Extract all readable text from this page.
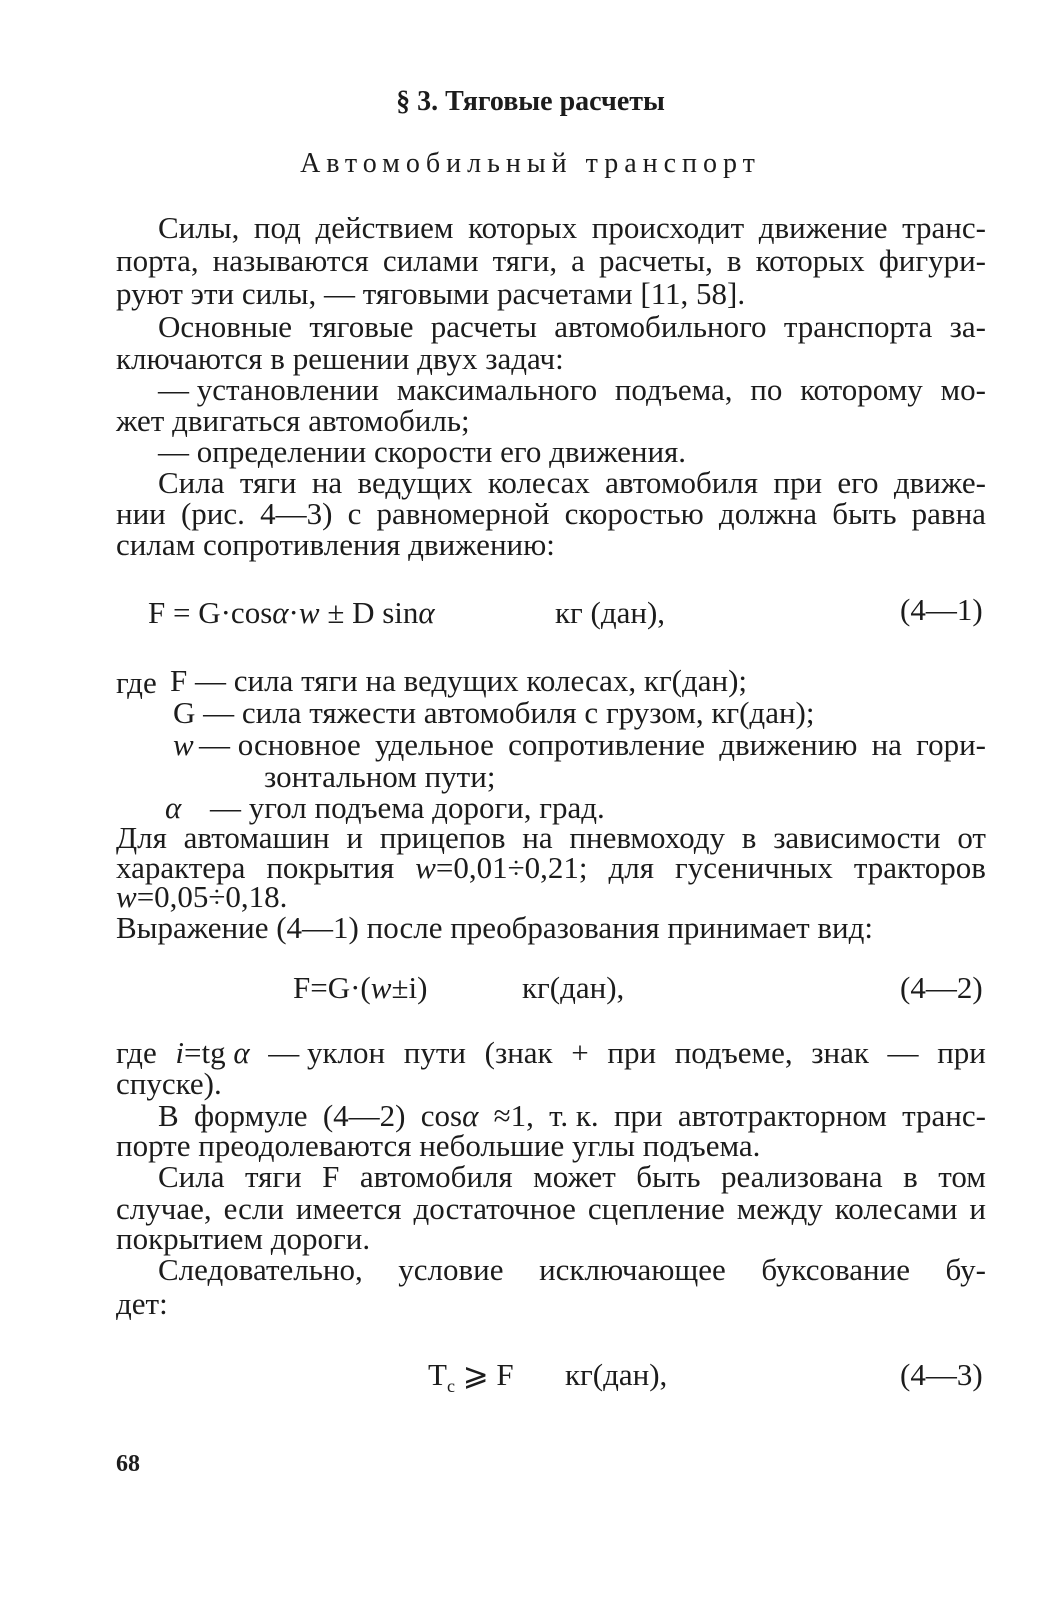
§ 3. Тяговые расчеты
Автомобильный транспорт
Силы, под действием которых происходит движение транс-
порта, называются силами тяги, а расчеты, в которых фигури-
руют эти силы, — тяговыми расчетами [11, 58].
Основные тяговые расчеты автомобильного транспорта за-
ключаются в решении двух задач:
— установлении максимального подъема, по которому мо-
жет двигаться автомобиль;
— определении скорости его движения.
Сила тяги на ведущих колесах автомобиля при его движе-
нии (рис. 4—3) с равномерной скоростью должна быть равна
силам сопротивления движению:
F = G·cosα·w ± D sinα	кг (дан),	(4—1)
где F — сила тяги на ведущих колесах, кг(дан);
G — сила тяжести автомобиля с грузом, кг(дан);
w — основное удельное сопротивление движению на гори-
зонтальном пути;
α — угол подъема дороги, град.
Для автомашин и прицепов на пневмоходу в зависимости от
характера покрытия w=0,01÷0,21; для гусеничных тракторов
w=0,05÷0,18.
Выражение (4—1) после преобразования принимает вид:
F=G·(w±i)	кг(дан),	(4—2)
где i=tg α — уклон пути (знак + при подъеме, знак — при
спуске).
В формуле (4—2) cosα ≈1, т. к. при автотракторном транс-
порте преодолеваются небольшие углы подъема.
Сила тяги F автомобиля может быть реализована в том
случае, если имеется достаточное сцепление между колесами и
покрытием дороги.
Следовательно, условие исключающее буксование бу-
дет:
$T_с$ ⩾ F кг(дан),	(4—3)
68
